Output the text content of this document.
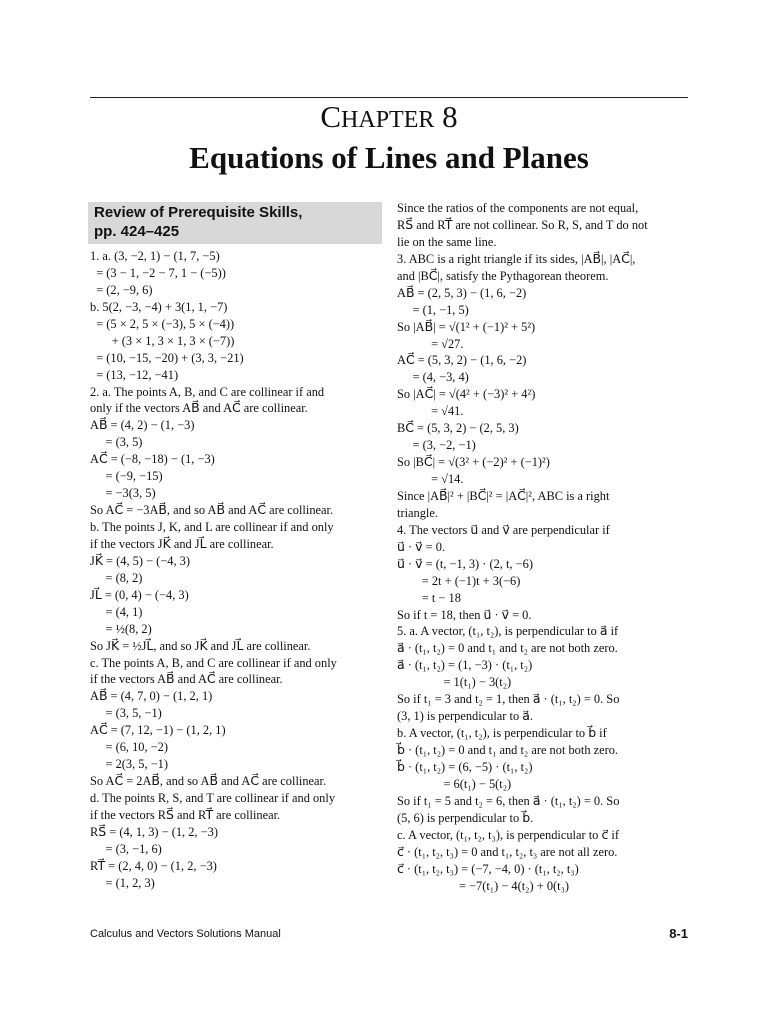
CHAPTER 8
Equations of Lines and Planes
Review of Prerequisite Skills,
pp. 424–425
1. a. (3, −2, 1) − (1, 7, −5)
= (3 − 1, −2 − 7, 1 − (−5))
= (2, −9, 6)
b. 5(2, −3, −4) + 3(1, 1, −7)
= (5 × 2, 5 × (−3), 5 × (−4))
+ (3 × 1, 3 × 1, 3 × (−7))
= (10, −15, −20) + (3, 3, −21)
= (13, −12, −41)
2. a. The points A, B, and C are collinear if and
only if the vectors AB⃗ and AC⃗ are collinear.
AB⃗ = (4, 2) − (1, −3)
= (3, 5)
AC⃗ = (−8, −18) − (1, −3)
= (−9, −15)
= −3(3, 5)
So AC⃗ = −3AB⃗, and so AB⃗ and AC⃗ are collinear.
b. The points J, K, and L are collinear if and only
if the vectors JK⃗ and JL⃗ are collinear.
JK⃗ = (4, 5) − (−4, 3)
= (8, 2)
JL⃗ = (0, 4) − (−4, 3)
= (4, 1)
= ½(8, 2)
So JK⃗ = ½JL⃗, and so JK⃗ and JL⃗ are collinear.
c. The points A, B, and C are collinear if and only
if the vectors AB⃗ and AC⃗ are collinear.
AB⃗ = (4, 7, 0) − (1, 2, 1)
= (3, 5, −1)
AC⃗ = (7, 12, −1) − (1, 2, 1)
= (6, 10, −2)
= 2(3, 5, −1)
So AC⃗ = 2AB⃗, and so AB⃗ and AC⃗ are collinear.
d. The points R, S, and T are collinear if and only
if the vectors RS⃗ and RT⃗ are collinear.
RS⃗ = (4, 1, 3) − (1, 2, −3)
= (3, −1, 6)
RT⃗ = (2, 4, 0) − (1, 2, −3)
= (1, 2, 3)
Since the ratios of the components are not equal,
RS⃗ and RT⃗ are not collinear. So R, S, and T do not
lie on the same line.
3. ABC is a right triangle if its sides, |AB⃗|, |AC⃗|,
and |BC⃗|, satisfy the Pythagorean theorem.
AB⃗ = (2, 5, 3) − (1, 6, −2)
= (1, −1, 5)
So |AB⃗| = √(1² + (−1)² + 5²)
= √27.
AC⃗ = (5, 3, 2) − (1, 6, −2)
= (4, −3, 4)
So |AC⃗| = √(4² + (−3)² + 4²)
= √41.
BC⃗ = (5, 3, 2) − (2, 5, 3)
= (3, −2, −1)
So |BC⃗| = √(3² + (−2)² + (−1)²)
= √14.
Since |AB⃗|² + |BC⃗|² = |AC⃗|², ABC is a right
triangle.
4. The vectors u⃗ and v⃗ are perpendicular if
u⃗ · v⃗ = 0.
u⃗ · v⃗ = (t, −1, 3) · (2, t, −6)
= 2t + (−1)t + 3(−6)
= t − 18
So if t = 18, then u⃗ · v⃗ = 0.
5. a. A vector, (t₁, t₂), is perpendicular to a⃗ if
a⃗ · (t₁, t₂) = 0 and t₁ and t₂ are not both zero.
a⃗ · (t₁, t₂) = (1, −3) · (t₁, t₂)
= 1(t₁) − 3(t₂)
So if t₁ = 3 and t₂ = 1, then a⃗ · (t₁, t₂) = 0. So
(3, 1) is perpendicular to a⃗.
b. A vector, (t₁, t₂), is perpendicular to b⃗ if
b⃗ · (t₁, t₂) = 0 and t₁ and t₂ are not both zero.
b⃗ · (t₁, t₂) = (6, −5) · (t₁, t₂)
= 6(t₁) − 5(t₂)
So if t₁ = 5 and t₂ = 6, then a⃗ · (t₁, t₂) = 0. So
(5, 6) is perpendicular to b⃗.
c. A vector, (t₁, t₂, t₃), is perpendicular to c⃗ if
c⃗ · (t₁, t₂, t₃) = 0 and t₁, t₂, t₃ are not all zero.
c⃗ · (t₁, t₂, t₃) = (−7, −4, 0) · (t₁, t₂, t₃)
= −7(t₁) − 4(t₂) + 0(t₃)
Calculus and Vectors Solutions Manual	8-1
